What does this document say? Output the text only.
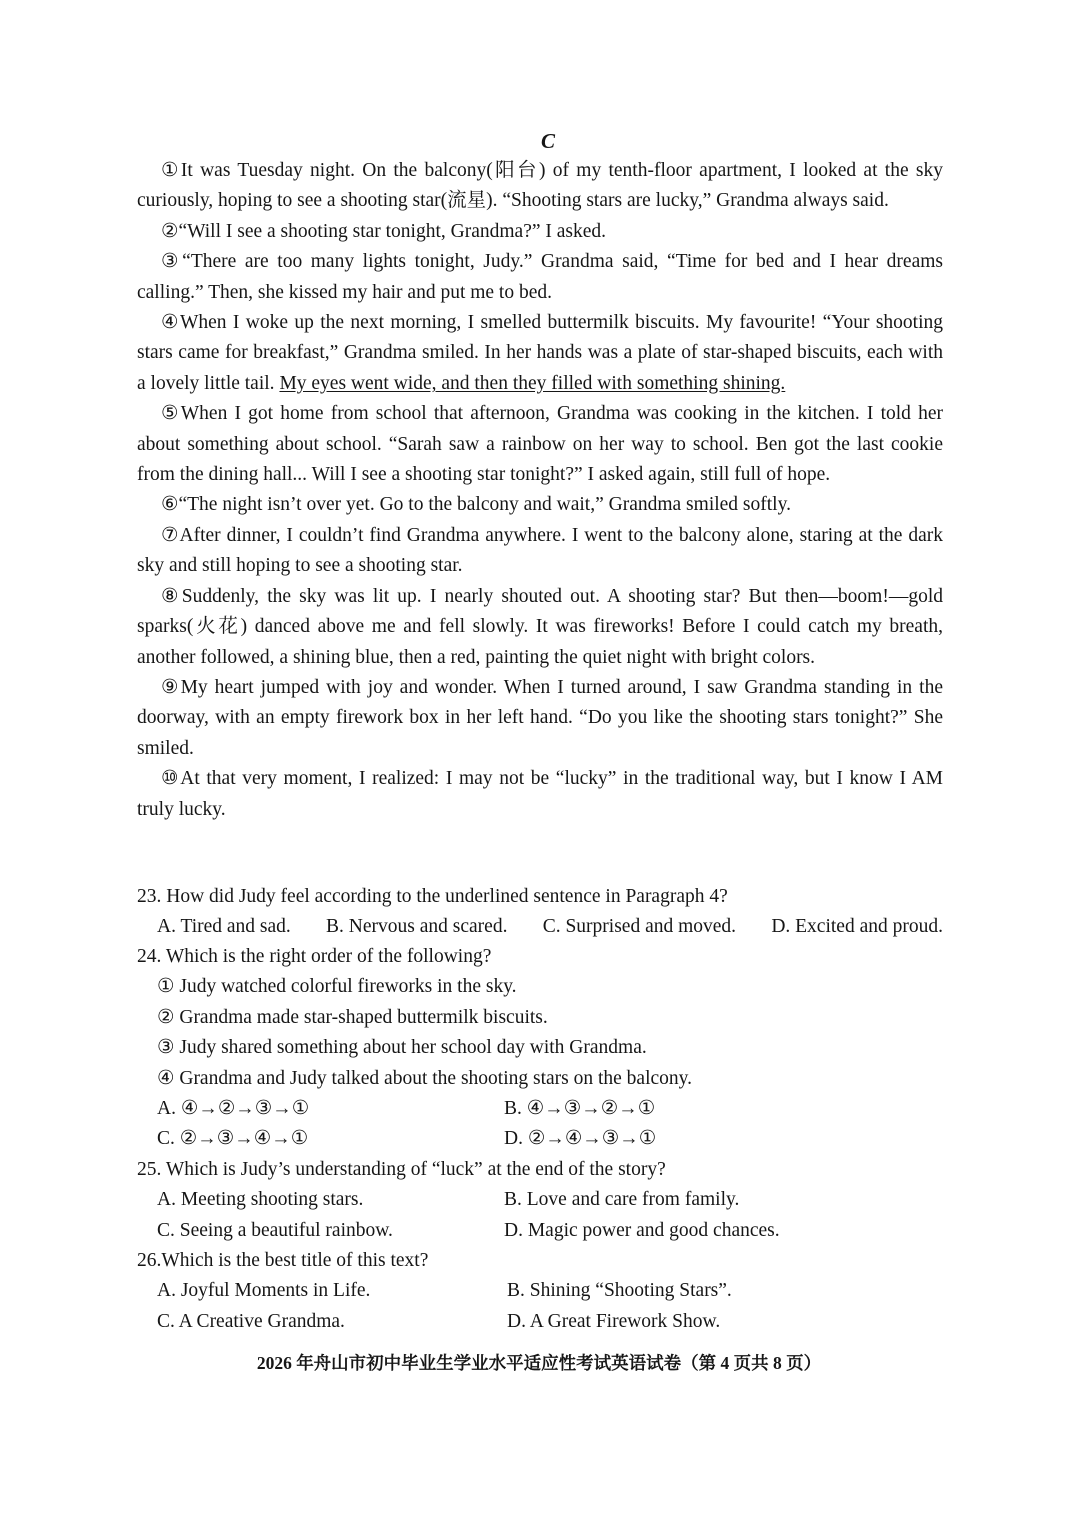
C

①It was Tuesday night. On the balcony(阳台) of my tenth-floor apartment, I looked at the sky curiously, hoping to see a shooting star(流星). “Shooting stars are lucky,” Grandma always said.

②“Will I see a shooting star tonight, Grandma?” I asked.

③“There are too many lights tonight, Judy.” Grandma said, “Time for bed and I hear dreams calling.” Then, she kissed my hair and put me to bed.

④When I woke up the next morning, I smelled buttermilk biscuits. My favourite! “Your shooting stars came for breakfast,” Grandma smiled. In her hands was a plate of star-shaped biscuits, each with a lovely little tail. My eyes went wide, and then they filled with something shining.

⑤When I got home from school that afternoon, Grandma was cooking in the kitchen. I told her about something about school. “Sarah saw a rainbow on her way to school. Ben got the last cookie from the dining hall... Will I see a shooting star tonight?” I asked again, still full of hope.

⑥“The night isn’t over yet. Go to the balcony and wait,” Grandma smiled softly.

⑦After dinner, I couldn’t find Grandma anywhere. I went to the balcony alone, staring at the dark sky and still hoping to see a shooting star.

⑧Suddenly, the sky was lit up. I nearly shouted out. A shooting star? But then—boom!—gold sparks(火花) danced above me and fell slowly. It was fireworks! Before I could catch my breath, another followed, a shining blue, then a red, painting the quiet night with bright colors.

⑨My heart jumped with joy and wonder. When I turned around, I saw Grandma standing in the doorway, with an empty firework box in her left hand. “Do you like the shooting stars tonight?” She smiled.

⑩At that very moment, I realized: I may not be “lucky” in the traditional way, but I know I AM truly lucky.

23. How did Judy feel according to the underlined sentence in Paragraph 4?
A. Tired and sad. B. Nervous and scared. C. Surprised and moved. D. Excited and proud.
24. Which is the right order of the following?
① Judy watched colorful fireworks in the sky.
② Grandma made star-shaped buttermilk biscuits.
③ Judy shared something about her school day with Grandma.
④ Grandma and Judy talked about the shooting stars on the balcony.
A. ④→②→③→①	B. ④→③→②→①
C. ②→③→④→①	D. ②→④→③→①
25. Which is Judy’s understanding of “luck” at the end of the story?
A. Meeting shooting stars.	B. Love and care from family.
C. Seeing a beautiful rainbow.	D. Magic power and good chances.
26.Which is the best title of this text?
A. Joyful Moments in Life.	B. Shining “Shooting Stars”.
C. A Creative Grandma.	D. A Great Firework Show.
2026 年舟山市初中毕业生学业水平适应性考试英语试卷（第 4 页共 8 页）
